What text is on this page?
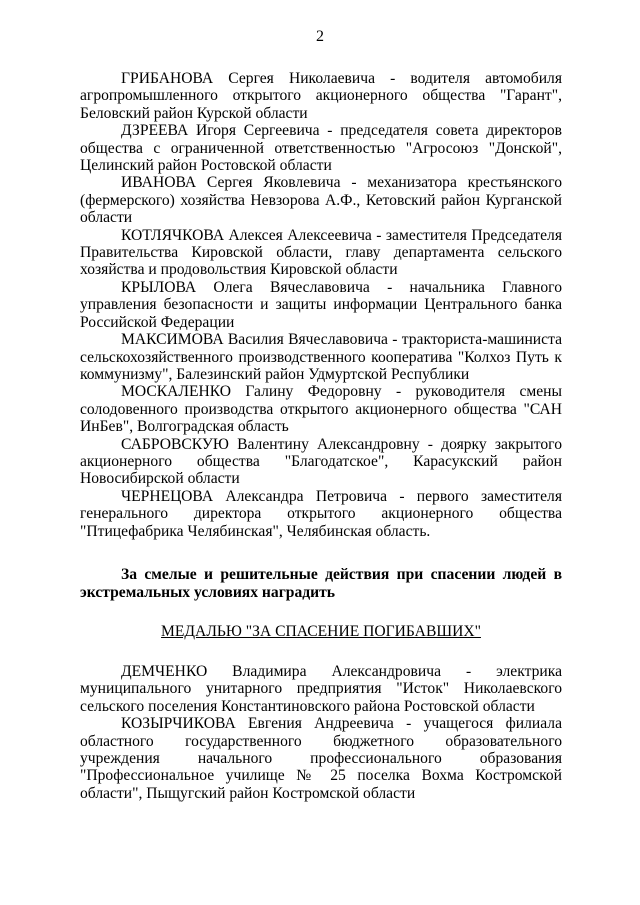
2

ГРИБАНОВА Сергея Николаевича - водителя автомобиля агропромышленного открытого акционерного общества "Гарант", Беловский район Курской области

ДЗРЕЕВА Игоря Сергеевича - председателя совета директоров общества с ограниченной ответственностью "Агросоюз "Донской", Целинский район Ростовской области

ИВАНОВА Сергея Яковлевича - механизатора крестьянского (фермерского) хозяйства Невзорова А.Ф., Кетовский район Курганской области

КОТЛЯЧКОВА Алексея Алексеевича - заместителя Председателя Правительства Кировской области, главу департамента сельского хозяйства и продовольствия Кировской области

КРЫЛОВА Олега Вячеславовича - начальника Главного управления безопасности и защиты информации Центрального банка Российской Федерации

МАКСИМОВА Василия Вячеславовича - тракториста-машиниста сельскохозяйственного производственного кооператива "Колхоз Путь к коммунизму", Балезинский район Удмуртской Республики

МОСКАЛЕНКО Галину Федоровну - руководителя смены солодовенного производства открытого акционерного общества "САН ИнБев", Волгоградская область

САБРОВСКУЮ Валентину Александровну - доярку закрытого акционерного общества "Благодатское", Карасукский район Новосибирской области

ЧЕРНЕЦОВА Александра Петровича - первого заместителя генерального директора открытого акционерного общества "Птицефабрика Челябинская", Челябинская область.

За смелые и решительные действия при спасении людей в экстремальных условиях наградить

МЕДАЛЬЮ "ЗА СПАСЕНИЕ ПОГИБАВШИХ"

ДЕМЧЕНКО Владимира Александровича - электрика муниципального унитарного предприятия "Исток" Николаевского сельского поселения Константиновского района Ростовской области

КОЗЫРЧИКОВА Евгения Андреевича - учащегося филиала областного государственного бюджетного образовательного учреждения начального профессионального образования "Профессиональное училище № 25 поселка Вохма Костромской области", Пыщугский район Костромской области
